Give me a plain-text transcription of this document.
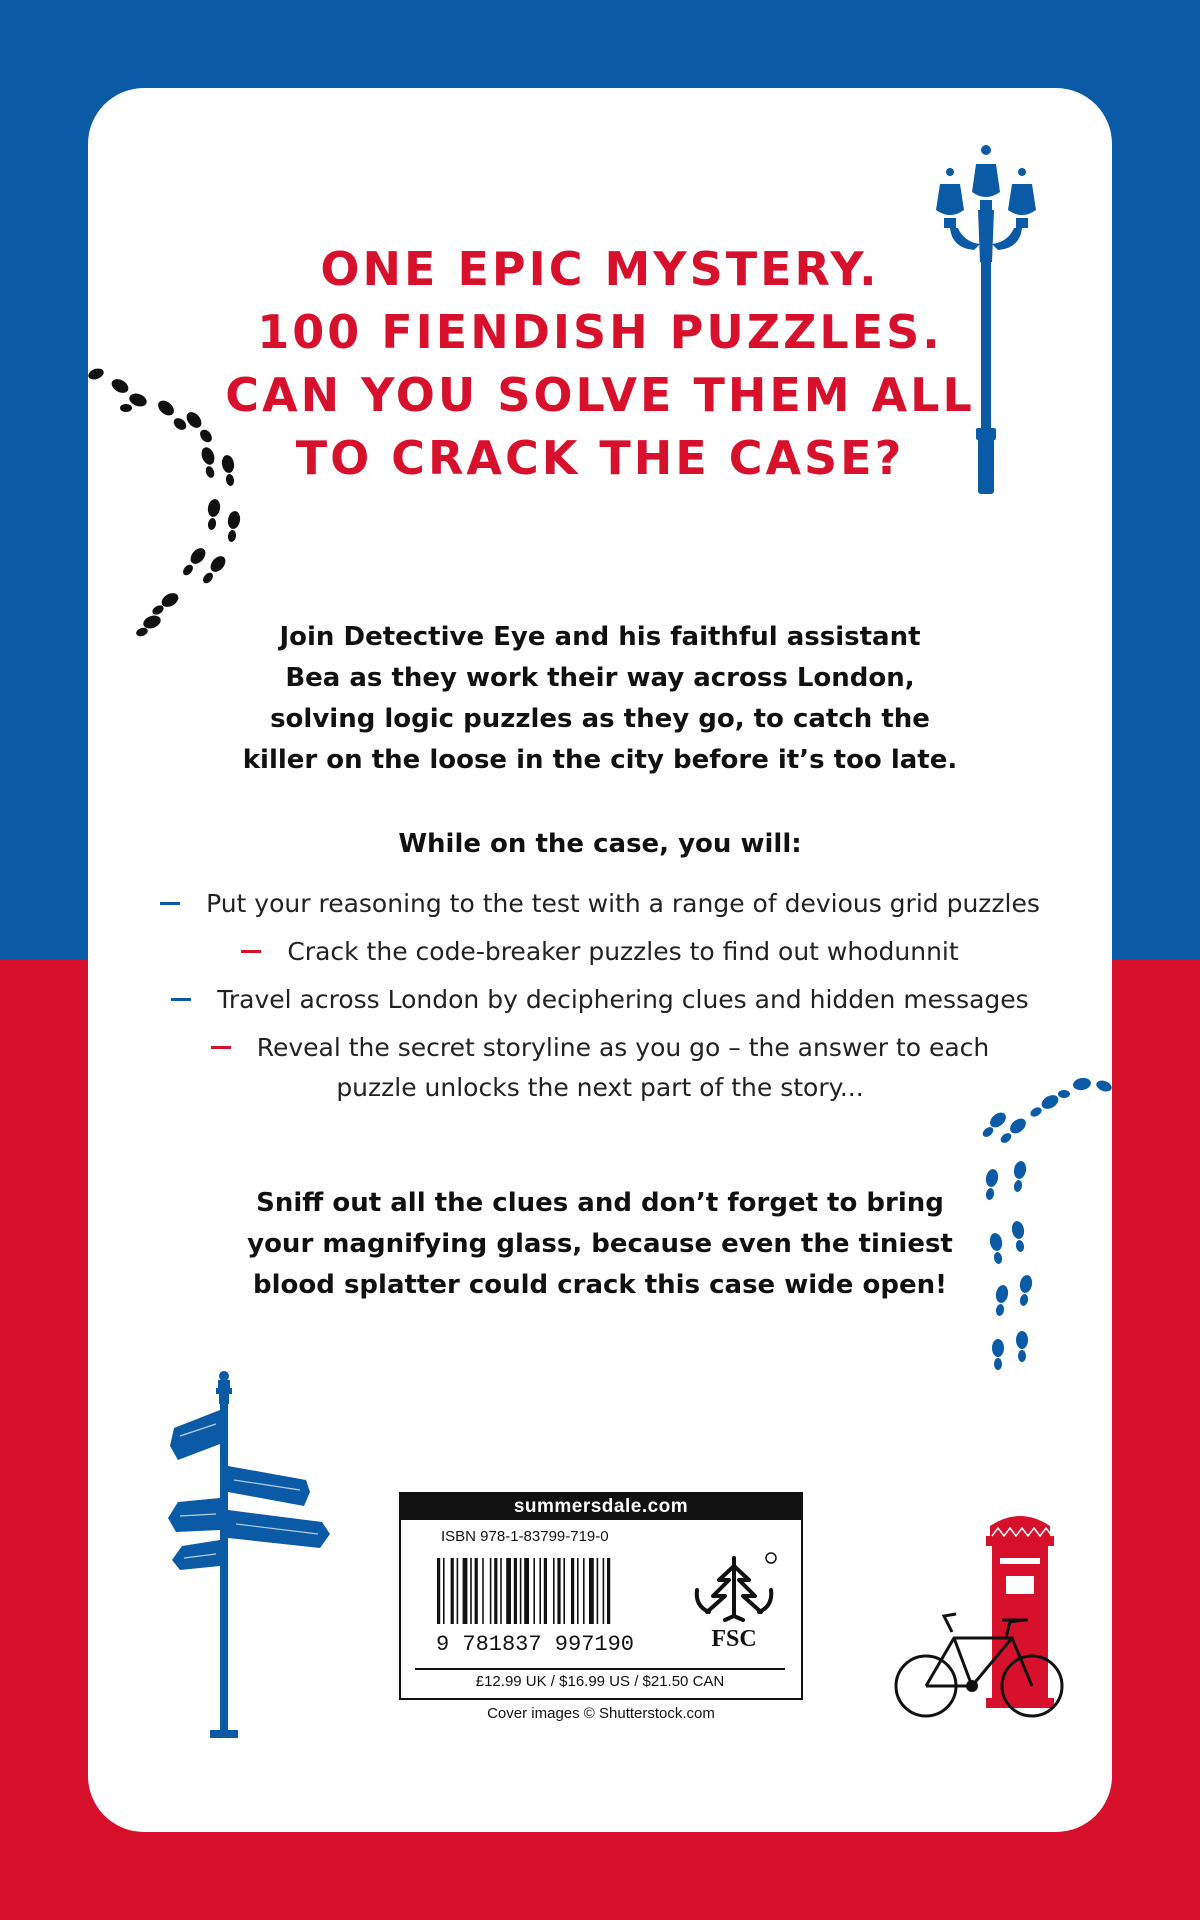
ONE EPIC MYSTERY.
100 FIENDISH PUZZLES.
CAN YOU SOLVE THEM ALL
TO CRACK THE CASE?
Join Detective Eye and his faithful assistant
Bea as they work their way across London,
solving logic puzzles as they go, to catch the
killer on the loose in the city before it’s too late.
While on the case, you will:
Put your reasoning to the test with a range of devious grid puzzles
Crack the code-breaker puzzles to find out whodunnit
Travel across London by deciphering clues and hidden messages
Reveal the secret storyline as you go – the answer to each
puzzle unlocks the next part of the story...
Sniff out all the clues and don’t forget to bring
your magnifying glass, because even the tiniest
blood splatter could crack this case wide open!
summersdale.com
ISBN 978-1-83799-719-0
9 781837 997190	FSC
£12.99 UK / $16.99 US / $21.50 CAN
Cover images © Shutterstock.com
